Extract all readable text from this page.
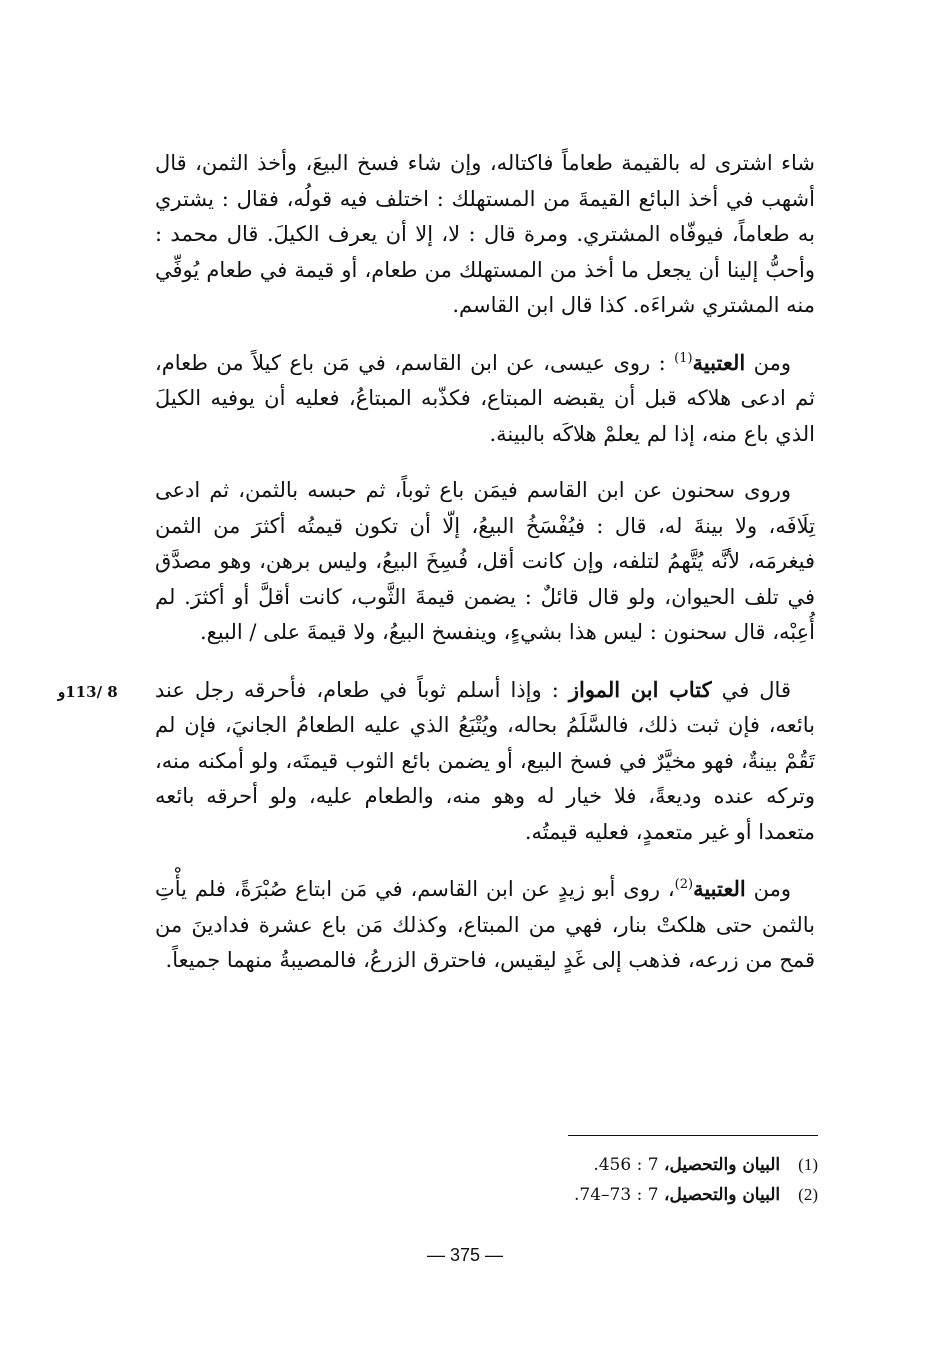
شاء اشترى له بالقيمة طعاماً فاكتاله، وإن شاء فسخ البيعَ، وأخذ الثمن، قال أشهب في أخذ البائع القيمةَ من المستهلك : اختلف فيه قولُه، فقال : يشتري به طعاماً، فيوفّاه المشتري. ومرة قال : لا، إلا أن يعرف الكيلَ. قال محمد : وأحبُّ إلينا أن يجعل ما أخذ من المستهلك من طعام، أو قيمة في طعام يُوفِّي منه المشتري شراءَه. كذا قال ابن القاسم.

ومن العتبية$^{(1)}$ : روى عيسى، عن ابن القاسم، في مَن باع كيلاً من طعام، ثم ادعى هلاكه قبل أن يقبضه المبتاع، فكذّبه المبتاعُ، فعليه أن يوفيه الكيلَ الذي باع منه، إذا لم يعلمْ هلاكَه بالبينة.

وروى سحنون عن ابن القاسم فيمَن باع ثوباً، ثم حبسه بالثمن، ثم ادعى تِلَافَه، ولا بينةَ له، قال : فيُفْسَخُ البيعُ، إلّا أن تكون قيمتُه أكثرَ من الثمن فيغرمَه، لأنَّه يُتَّهمُ لتلفه، وإن كانت أقل، فُسِخَ البيعُ، وليس برهن، وهو مصدَّق في تلف الحيوان، ولو قال قائلٌ : يضمن قيمةَ الثَّوب، كانت أقلَّ أو أكثرَ. لم أُعِبْه، قال سحنون : ليس هذا بشيءٍ، وينفسخ البيعُ، ولا قيمةَ على / البيع.

قال في كتاب ابن المواز : وإذا أسلم ثوباً في طعام، فأحرقه رجل عند بائعه، فإن ثبت ذلك، فالسَّلَمُ بحاله، ويُتْبَعُ الذي عليه الطعامُ الجانيَ، فإن لم تَقُمْ بينةٌ، فهو مخيَّرٌ في فسخ البيع، أو يضمن بائع الثوب قيمتَه، ولو أمكنه منه، وتركه عنده وديعةً، فلا خيار له وهو منه، والطعام عليه، ولو أحرقه بائعه متعمدا أو غير متعمدٍ، فعليه قيمتُه.

ومن العتبية$^{(2)}$، روى أبو زيدٍ عن ابن القاسم، في مَن ابتاع صُبْرَةً، فلم يأْتِ بالثمن حتى هلكتْ بنار، فهي من المبتاع، وكذلك مَن باع عشرة فدادينَ من قمح من زرعه، فذهب إلى غَدٍ ليقيس، فاحترق الزرعُ، فالمصيبةُ منهما جميعاً.

8 /113و
(1)
البيان والتحصيل، 7 : 456.
(2)
البيان والتحصيل، 7 : 73–74.
— 375 —
